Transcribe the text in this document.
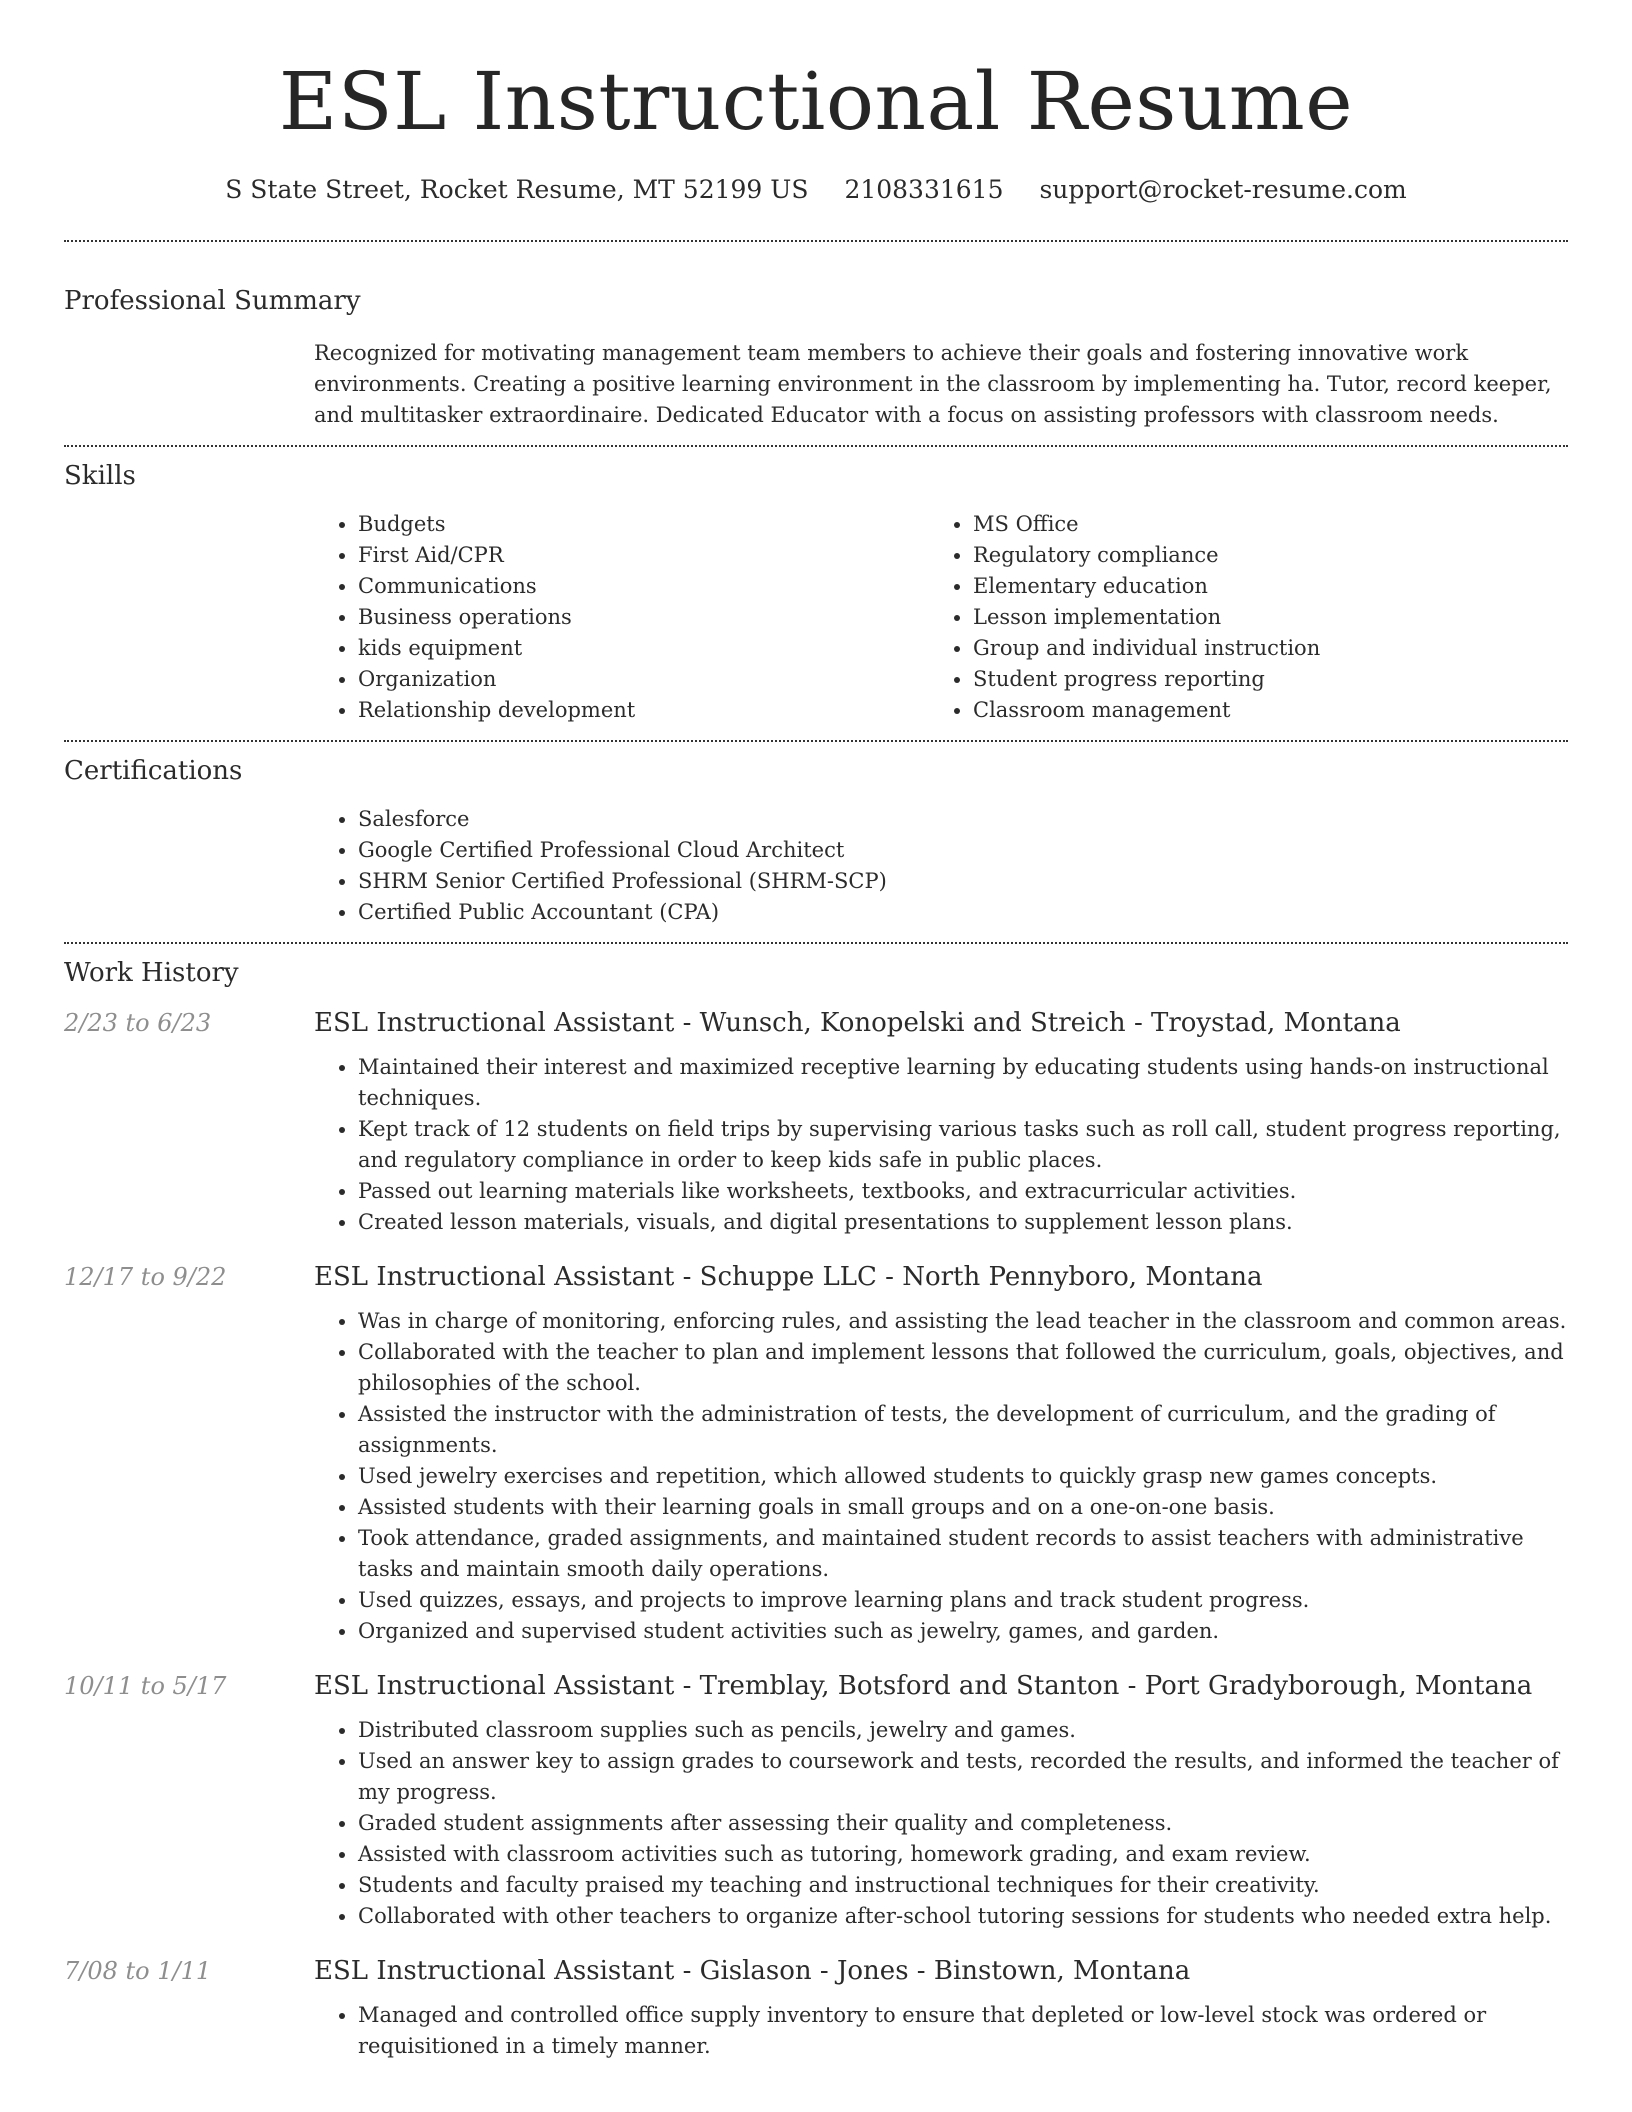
ESL Instructional Resume
S State Street, Rocket Resume, MT 52199 US 2108331615 support@rocket-resume.com
Professional Summary
Recognized for motivating management team members to achieve their goals and fostering innovative work environments. Creating a positive learning environment in the classroom by implementing ha. Tutor, record keeper, and multitasker extraordinaire. Dedicated Educator with a focus on assisting professors with classroom needs.
Skills
• Budgets
• First Aid/CPR
• Communications
• Business operations
• kids equipment
• Organization
• Relationship development
• MS Office
• Regulatory compliance
• Elementary education
• Lesson implementation
• Group and individual instruction
• Student progress reporting
• Classroom management
Certifications
• Salesforce
• Google Certified Professional Cloud Architect
• SHRM Senior Certified Professional (SHRM-SCP)
• Certified Public Accountant (CPA)
Work History
2/23 to 6/23	ESL Instructional Assistant - Wunsch, Konopelski and Streich - Troystad, Montana
• Maintained their interest and maximized receptive learning by educating students using hands-on instructional techniques.
• Kept track of 12 students on field trips by supervising various tasks such as roll call, student progress reporting, and regulatory compliance in order to keep kids safe in public places.
• Passed out learning materials like worksheets, textbooks, and extracurricular activities.
• Created lesson materials, visuals, and digital presentations to supplement lesson plans.
12/17 to 9/22	ESL Instructional Assistant - Schuppe LLC - North Pennyboro, Montana
• Was in charge of monitoring, enforcing rules, and assisting the lead teacher in the classroom and common areas.
• Collaborated with the teacher to plan and implement lessons that followed the curriculum, goals, objectives, and philosophies of the school.
• Assisted the instructor with the administration of tests, the development of curriculum, and the grading of assignments.
• Used jewelry exercises and repetition, which allowed students to quickly grasp new games concepts.
• Assisted students with their learning goals in small groups and on a one-on-one basis.
• Took attendance, graded assignments, and maintained student records to assist teachers with administrative tasks and maintain smooth daily operations.
• Used quizzes, essays, and projects to improve learning plans and track student progress.
• Organized and supervised student activities such as jewelry, games, and garden.
10/11 to 5/17	ESL Instructional Assistant - Tremblay, Botsford and Stanton - Port Gradyborough, Montana
• Distributed classroom supplies such as pencils, jewelry and games.
• Used an answer key to assign grades to coursework and tests, recorded the results, and informed the teacher of my progress.
• Graded student assignments after assessing their quality and completeness.
• Assisted with classroom activities such as tutoring, homework grading, and exam review.
• Students and faculty praised my teaching and instructional techniques for their creativity.
• Collaborated with other teachers to organize after-school tutoring sessions for students who needed extra help.
7/08 to 1/11	ESL Instructional Assistant - Gislason - Jones - Binstown, Montana
• Managed and controlled office supply inventory to ensure that depleted or low-level stock was ordered or requisitioned in a timely manner.
